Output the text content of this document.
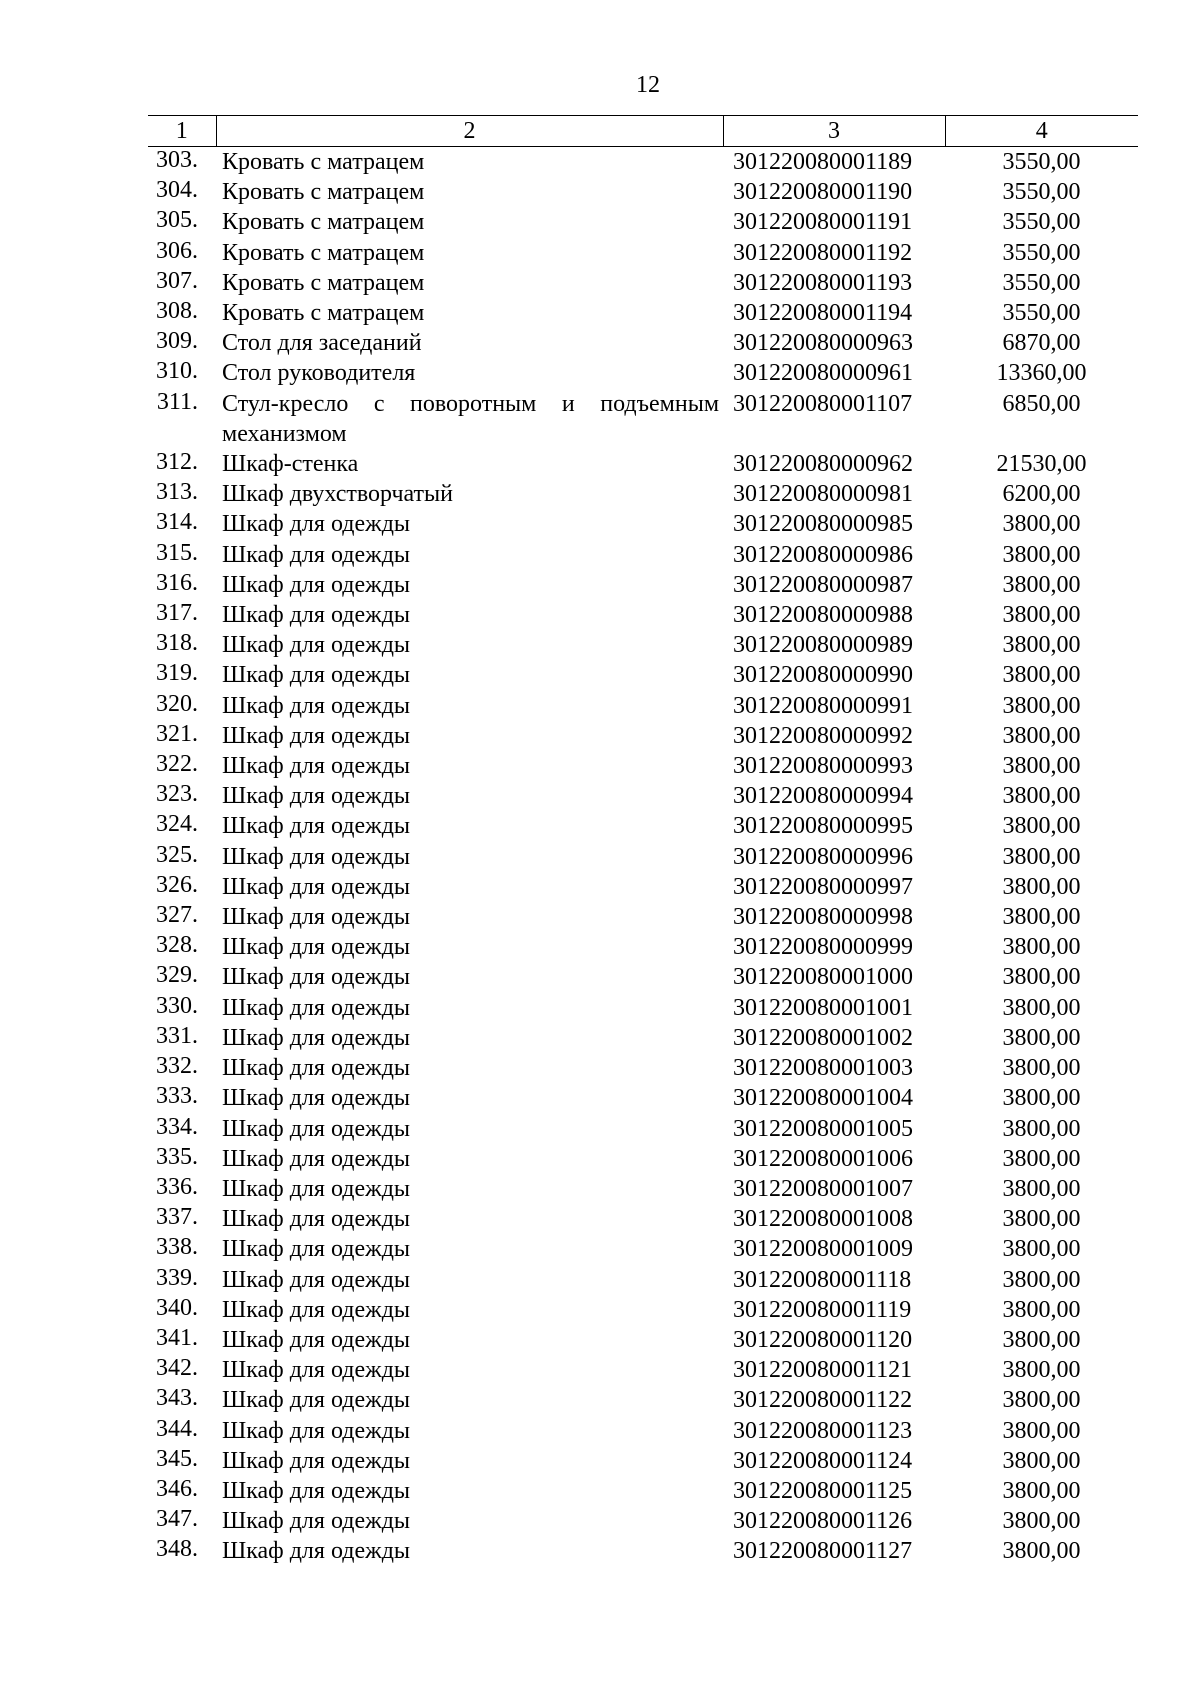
12
1	2	3	4
303.	Кровать с матрацем	301220080001189	3550,00
304.	Кровать с матрацем	301220080001190	3550,00
305.	Кровать с матрацем	301220080001191	3550,00
306.	Кровать с матрацем	301220080001192	3550,00
307.	Кровать с матрацем	301220080001193	3550,00
308.	Кровать с матрацем	301220080001194	3550,00
309.	Стол для заседаний	301220080000963	6870,00
310.	Стол руководителя	301220080000961	13360,00
311.	Стул-кресло с поворотным и подъемным механизмом	301220080001107	6850,00
312.	Шкаф-стенка	301220080000962	21530,00
313.	Шкаф двухстворчатый	301220080000981	6200,00
314.	Шкаф для одежды	301220080000985	3800,00
315.	Шкаф для одежды	301220080000986	3800,00
316.	Шкаф для одежды	301220080000987	3800,00
317.	Шкаф для одежды	301220080000988	3800,00
318.	Шкаф для одежды	301220080000989	3800,00
319.	Шкаф для одежды	301220080000990	3800,00
320.	Шкаф для одежды	301220080000991	3800,00
321.	Шкаф для одежды	301220080000992	3800,00
322.	Шкаф для одежды	301220080000993	3800,00
323.	Шкаф для одежды	301220080000994	3800,00
324.	Шкаф для одежды	301220080000995	3800,00
325.	Шкаф для одежды	301220080000996	3800,00
326.	Шкаф для одежды	301220080000997	3800,00
327.	Шкаф для одежды	301220080000998	3800,00
328.	Шкаф для одежды	301220080000999	3800,00
329.	Шкаф для одежды	301220080001000	3800,00
330.	Шкаф для одежды	301220080001001	3800,00
331.	Шкаф для одежды	301220080001002	3800,00
332.	Шкаф для одежды	301220080001003	3800,00
333.	Шкаф для одежды	301220080001004	3800,00
334.	Шкаф для одежды	301220080001005	3800,00
335.	Шкаф для одежды	301220080001006	3800,00
336.	Шкаф для одежды	301220080001007	3800,00
337.	Шкаф для одежды	301220080001008	3800,00
338.	Шкаф для одежды	301220080001009	3800,00
339.	Шкаф для одежды	301220080001118	3800,00
340.	Шкаф для одежды	301220080001119	3800,00
341.	Шкаф для одежды	301220080001120	3800,00
342.	Шкаф для одежды	301220080001121	3800,00
343.	Шкаф для одежды	301220080001122	3800,00
344.	Шкаф для одежды	301220080001123	3800,00
345.	Шкаф для одежды	301220080001124	3800,00
346.	Шкаф для одежды	301220080001125	3800,00
347.	Шкаф для одежды	301220080001126	3800,00
348.	Шкаф для одежды	301220080001127	3800,00
